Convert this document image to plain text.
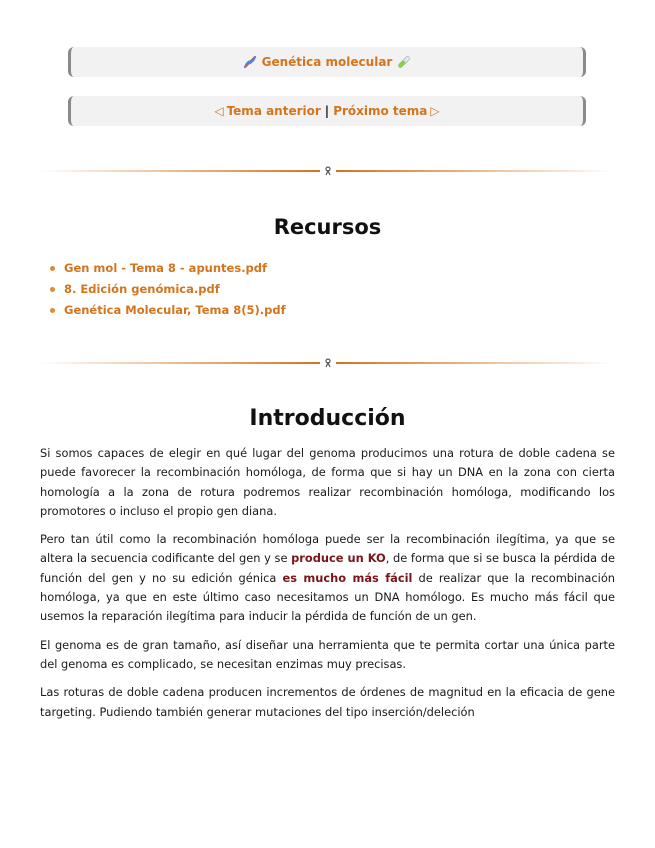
Genética molecular
◁ Tema anterior | Próximo tema ▷
Recursos
Gen mol - Tema 8 - apuntes.pdf
8. Edición genómica.pdf
Genética Molecular, Tema 8(5).pdf
Introducción

Si somos capaces de elegir en qué lugar del genoma producimos una rotura de doble cadena se puede favorecer la recombinación homóloga, de forma que si hay un DNA en la zona con cierta homología a la zona de rotura podremos realizar recombinación homóloga, modificando los promotores o incluso el propio gen diana.

Pero tan útil como la recombinación homóloga puede ser la recombinación ilegítima, ya que se altera la secuencia codificante del gen y se produce un KO, de forma que si se busca la pérdida de función del gen y no su edición génica es mucho más fácil de realizar que la recombinación homóloga, ya que en este último caso necesitamos un DNA homólogo. Es mucho más fácil que usemos la reparación ilegítima para inducir la pérdida de función de un gen.

El genoma es de gran tamaño, así diseñar una herramienta que te permita cortar una única parte del genoma es complicado, se necesitan enzimas muy precisas.

Las roturas de doble cadena producen incrementos de órdenes de magnitud en la eficacia de gene targeting. Pudiendo también generar mutaciones del tipo inserción/deleción
